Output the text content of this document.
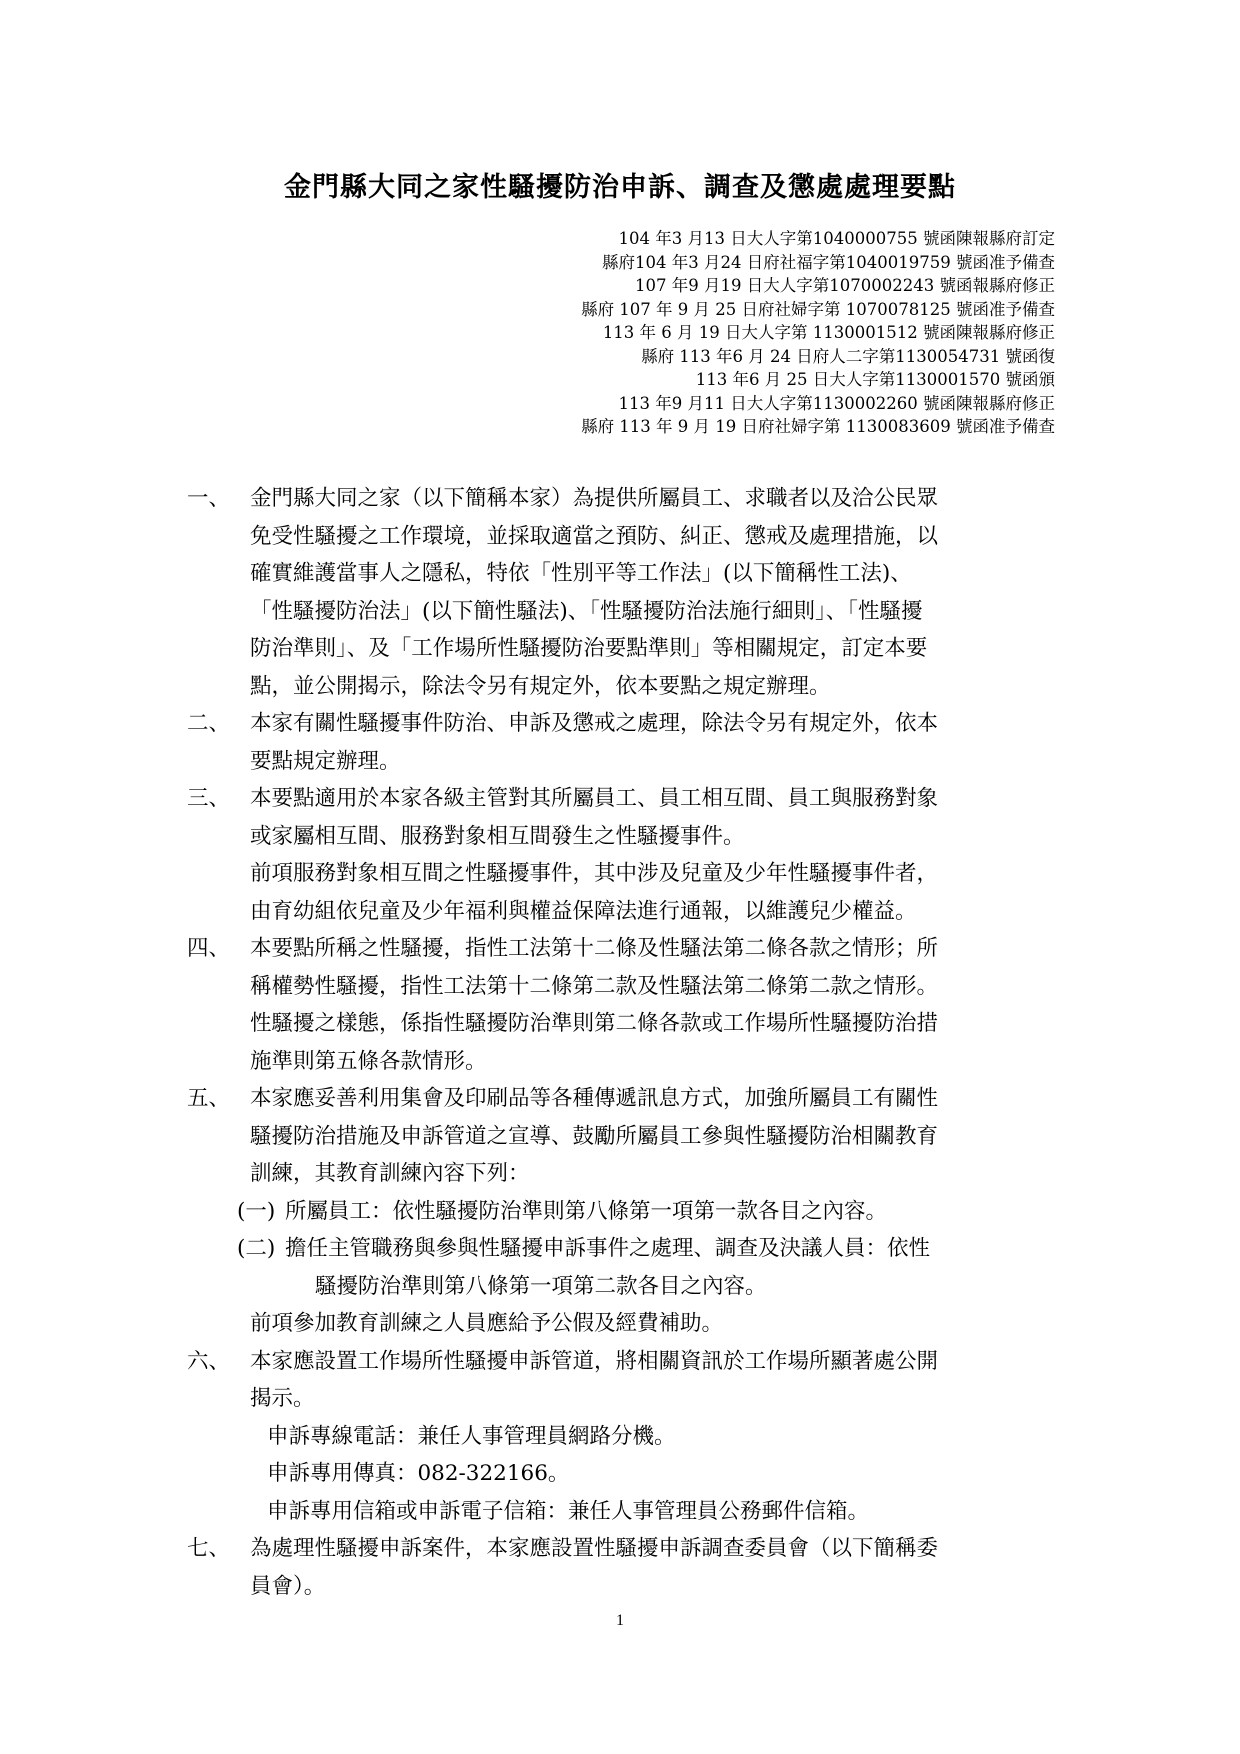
金門縣大同之家性騷擾防治申訴、調查及懲處處理要點
104 年3 月13 日大人字第1040000755 號函陳報縣府訂定
縣府104 年3 月24 日府社福字第1040019759 號函准予備查
107 年9 月19 日大人字第1070002243 號函報縣府修正
縣府 107 年 9 月 25 日府社婦字第 1070078125 號函准予備查
113 年 6 月 19 日大人字第 1130001512 號函陳報縣府修正
縣府 113 年6 月 24 日府人二字第1130054731 號函復
113 年6 月 25 日大人字第1130001570 號函頒
113 年9 月11 日大人字第1130002260 號函陳報縣府修正
縣府 113 年 9 月 19 日府社婦字第 1130083609 號函准予備查
一、 金門縣大同之家（以下簡稱本家）為提供所屬員工、求職者以及洽公民眾
免受性騷擾之工作環境，並採取適當之預防、糾正、懲戒及處理措施，以
確實維護當事人之隱私，特依「性別平等工作法」(以下簡稱性工法)、
「性騷擾防治法」(以下簡性騷法)、「性騷擾防治法施行細則」、「性騷擾
防治準則」、及「工作場所性騷擾防治要點準則」等相關規定，訂定本要
點，並公開揭示，除法令另有規定外，依本要點之規定辦理。
二、 本家有關性騷擾事件防治、申訴及懲戒之處理，除法令另有規定外，依本
要點規定辦理。
三、 本要點適用於本家各級主管對其所屬員工、員工相互間、員工與服務對象
或家屬相互間、服務對象相互間發生之性騷擾事件。
前項服務對象相互間之性騷擾事件，其中涉及兒童及少年性騷擾事件者，
由育幼組依兒童及少年福利與權益保障法進行通報，以維護兒少權益。
四、 本要點所稱之性騷擾，指性工法第十二條及性騷法第二條各款之情形；所
稱權勢性騷擾，指性工法第十二條第二款及性騷法第二條第二款之情形。
性騷擾之樣態，係指性騷擾防治準則第二條各款或工作場所性騷擾防治措
施準則第五條各款情形。
五、 本家應妥善利用集會及印刷品等各種傳遞訊息方式，加強所屬員工有關性
騷擾防治措施及申訴管道之宣導、鼓勵所屬員工參與性騷擾防治相關教育
訓練，其教育訓練內容下列：
(一) 所屬員工：依性騷擾防治準則第八條第一項第一款各目之內容。
(二) 擔任主管職務與參與性騷擾申訴事件之處理、調查及決議人員：依性
騷擾防治準則第八條第一項第二款各目之內容。
前項參加教育訓練之人員應給予公假及經費補助。
六、 本家應設置工作場所性騷擾申訴管道，將相關資訊於工作場所顯著處公開
揭示。
申訴專線電話：兼任人事管理員網路分機。
申訴專用傳真：082-322166。
申訴專用信箱或申訴電子信箱：兼任人事管理員公務郵件信箱。
七、 為處理性騷擾申訴案件，本家應設置性騷擾申訴調查委員會（以下簡稱委
員會）。
1
